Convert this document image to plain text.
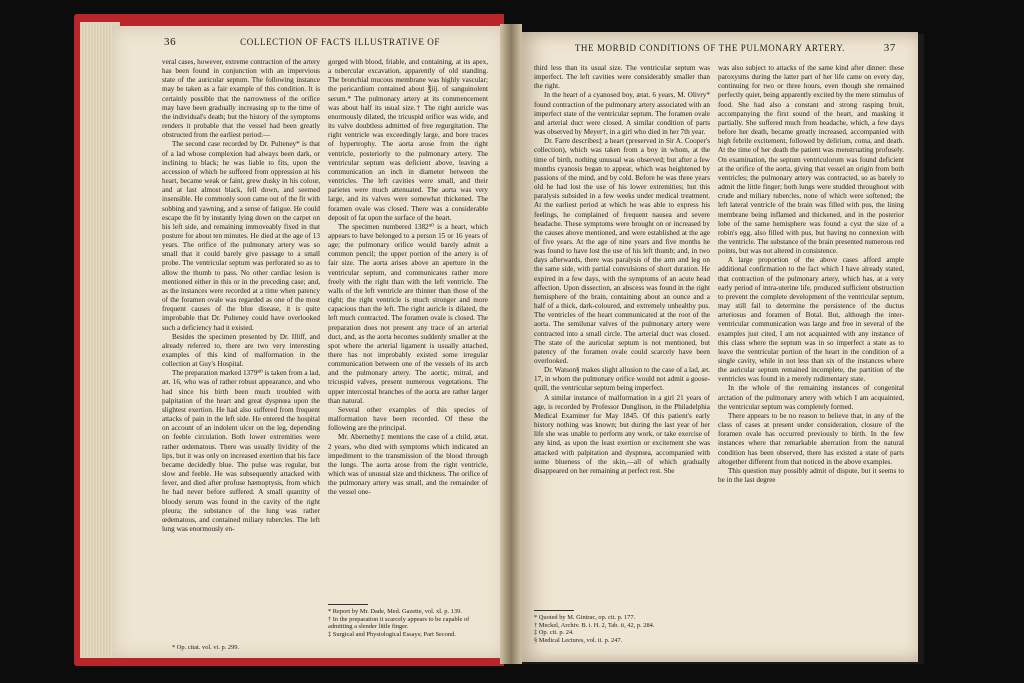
36	COLLECTION OF FACTS ILLUSTRATIVE OF

veral cases, however, extreme contraction of the artery has been found in conjunction with an impervious state of the auricular septum. The following instance may be taken as a fair example of this condition. It is certainly possible that the narrowness of the orifice may have been gradually increasing up to the time of the individual's death; but the history of the symptoms renders it probable that the vessel had been greatly obstructed from the earliest period:—

The second case recorded by Dr. Pulteney* is that of a lad whose complexion had always been dark, or inclining to black; he was liable to fits, upon the accession of which he suffered from oppression at his heart, became weak or faint, grew dusky in his colour, and at last almost black, fell down, and seemed insensible. He commonly soon came out of the fit with sobbing and yawning, and a sense of fatigue. He could escape the fit by instantly lying down on the carpet on his left side, and remaining immoveably fixed in that posture for about ten minutes. He died at the age of 13 years. The orifice of the pulmonary artery was so small that it could barely give passage to a small probe. The ventricular septum was perforated so as to allow the thumb to pass. No other cardiac lesion is mentioned either in this or in the preceding case; and, as the instances were recorded at a time when patency of the foramen ovale was regarded as one of the most frequent causes of the blue disease, it is quite improbable that Dr. Pulteney could have overlooked such a deficiency had it existed.

Besides the specimen presented by Dr. Illiff, and already referred to, there are two very interesting examples of this kind of malformation in the collection at Guy's Hospital.

The preparation marked 1379⁸⁰ is taken from a lad, æt. 16, who was of rather robust appearance, and who had since his birth been much troubled with palpitation of the heart and great dyspnœa upon the slightest exertion. He had also suffered from frequent attacks of pain in the left side. He entered the hospital on account of an indolent ulcer on the leg, depending on feeble circulation. Both lower extremities were rather œdematous. There was usually lividity of the lips, but it was only on increased exertion that his face became decidedly blue. The pulse was regular, but slow and feeble. He was subsequently attacked with fever, and died after profuse hæmoptysis, from which he had never before suffered. A small quantity of bloody serum was found in the cavity of the right pleura; the substance of the lung was rather œdematous, and contained miliary tubercles. The left lung was enormously en-

gorged with blood, friable, and containing, at its apex, a tubercular excavation, apparently of old standing. The bronchial mucous membrane was highly vascular; the pericardium contained about ℥iij. of sanguinolent serum.* The pulmonary artery at its commencement was about half its usual size.† The right auricle was enormously dilated, the tricuspid orifice was wide, and its valve doubtless admitted of free regurgitation. The right ventricle was exceedingly large, and bore traces of hypertrophy. The aorta arose from the right ventricle, posteriorly to the pulmonary artery. The ventricular septum was deficient above, leaving a communication an inch in diameter between the ventricles. The left cavities were small, and their parietes were much attenuated. The aorta was very large, and its valves were somewhat thickened. The foramen ovale was closed. There was a considerable deposit of fat upon the surface of the heart.

The specimen numbered 1382⁹⁰ is a heart, which appears to have belonged to a person 15 or 16 years of age; the pulmonary orifice would barely admit a common pencil; the upper portion of the artery is of fair size. The aorta arises above an aperture in the ventricular septum, and communicates rather more freely with the right than with the left ventricle. The walls of the left ventricle are thinner than those of the right; the right ventricle is much stronger and more capacious than the left. The right auricle is dilated, the left much contracted. The foramen ovale is closed. The preparation does not present any trace of an arterial duct, and, as the aorta becomes suddenly smaller at the spot where the arterial ligament is usually attached, there has not improbably existed some irregular communication between one of the vessels of its arch and the pulmonary artery. The aortic, mitral, and tricuspid valves, present numerous vegetations. The upper intercostal branches of the aorta are rather larger than natural.

Several other examples of this species of malformation have been recorded. Of these the following are the principal.

Mr. Abernethy‡ mentions the case of a child, ætat. 2 years, who died with symptoms which indicated an impediment to the transmission of the blood through the lungs. The aorta arose from the right ventricle, which was of unusual size and thickness. The orifice of the pulmonary artery was small, and the remainder of the vessel one-

* Op. citat. vol. vi. p. 299.

* Report by Mr. Dade, Med. Gazette, vol. xl. p. 139.

† In the preparation it scarcely appears to be capable of admitting a slender little finger.

‡ Surgical and Physiological Essays; Part Second.

THE MORBID CONDITIONS OF THE PULMONARY ARTERY.	37

third less than its usual size. The ventricular septum was imperfect. The left cavities were considerably smaller than the right.

In the heart of a cyanosed boy, ætat. 6 years, M. Olivry* found contraction of the pulmonary artery associated with an imperfect state of the ventricular septum. The foramen ovale and arterial duct were closed. A similar condition of parts was observed by Meyer†, in a girl who died in her 7th year.

Dr. Farre describes‡ a heart (preserved in Sir A. Cooper's collection), which was taken from a boy in whom, at the time of birth, nothing unusual was observed; but after a few months cyanosis began to appear, which was heightened by passions of the mind, and by cold. Before he was three years old he had lost the use of his lower extremities; but this paralysis subsided in a few weeks under medical treatment. At the earliest period at which he was able to express his feelings, he complained of frequent nausea and severe headache. These symptoms were brought on or increased by the causes above mentioned, and were established at the age of five years. At the age of nine years and five months he was found to have lost the use of his left thumb; and, in two days afterwards, there was paralysis of the arm and leg on the same side, with partial convulsions of short duration. He expired in a few days, with the symptoms of an acute head affection. Upon dissection, an abscess was found in the right hemisphere of the brain, containing about an ounce and a half of a thick, dark-coloured, and extremely unhealthy pus. The ventricles of the heart communicated at the root of the aorta. The semilunar valves of the pulmonary artery were contracted into a small circle. The arterial duct was closed. The state of the auricular septum is not mentioned, but patency of the foramen ovale could scarcely have been overlooked.

Dr. Watson§ makes slight allusion to the case of a lad, æt. 17, in whom the pulmonary orifice would not admit a goose-quill, the ventricular septum being imperfect.

A similar instance of malformation in a girl 21 years of age, is recorded by Professor Dunglison, in the Philadelphia Medical Examiner for May 1845. Of this patient's early history nothing was known; but during the last year of her life she was unable to perform any work, or take exercise of any kind, as upon the least exertion or excitement she was attacked with palpitation and dyspnœa, accompanied with some blueness of the skin,—all of which gradually disappeared on her remaining at perfect rest. She

was also subject to attacks of the same kind after dinner: these paroxysms during the latter part of her life came on every day, continuing for two or three hours, even though she remained perfectly quiet, being apparently excited by the mere stimulus of food. She had also a constant and strong rasping bruit, accompanying the first sound of the heart, and masking it partially. She suffered much from headache, which, a few days before her death, became greatly increased, accompanied with high febrile excitement, followed by delirium, coma, and death. At the time of her death the patient was menstruating profusely. On examination, the septum ventriculorum was found deficient at the orifice of the aorta, giving that vessel an origin from both ventricles; the pulmonary artery was contracted, so as barely to admit the little finger; both lungs were studded throughout with crude and miliary tubercles, none of which were softened; the left lateral ventricle of the brain was filled with pus, the lining membrane being inflamed and thickened, and in the posterior lobe of the same hemisphere was found a cyst the size of a robin's egg, also filled with pus, but having no connexion with the ventricle. The substance of the brain presented numerous red points, but was not altered in consistence.

A large proportion of the above cases afford ample additional confirmation to the fact which I have already stated, that contraction of the pulmonary artery, which has, at a very early period of intra-uterine life, produced sufficient obstruction to prevent the complete development of the ventricular septum, may still fail to determine the persistence of the ductus arteriosus and foramen of Botal. But, although the inter-ventricular communication was large and free in several of the examples just cited, I am not acquainted with any instance of this class where the septum was in so imperfect a state as to leave the ventricular portion of the heart in the condition of a single cavity, while in not less than six of the instances where the auricular septum remained incomplete, the partition of the ventricles was found in a merely rudimentary state.

In the whole of the remaining instances of congenital arctation of the pulmonary artery with which I am acquainted, the ventricular septum was completely formed.

There appears to be no reason to believe that, in any of the class of cases at present under consideration, closure of the foramen ovale has occurred previously to birth. In the few instances where that remarkable aberration from the natural condition has been observed, there has existed a state of parts altogether different from that noticed in the above examples.

This question may possibly admit of dispute, but it seems to be in the last degree

* Quoted by M. Gintrac, op. cit. p. 177.

† Meckel, Archiv. B. i. H. 2, Tab. ii, 42, p. 284.

‡ Op. cit. p. 24.

§ Medical Lectures, vol. ii. p. 247.
